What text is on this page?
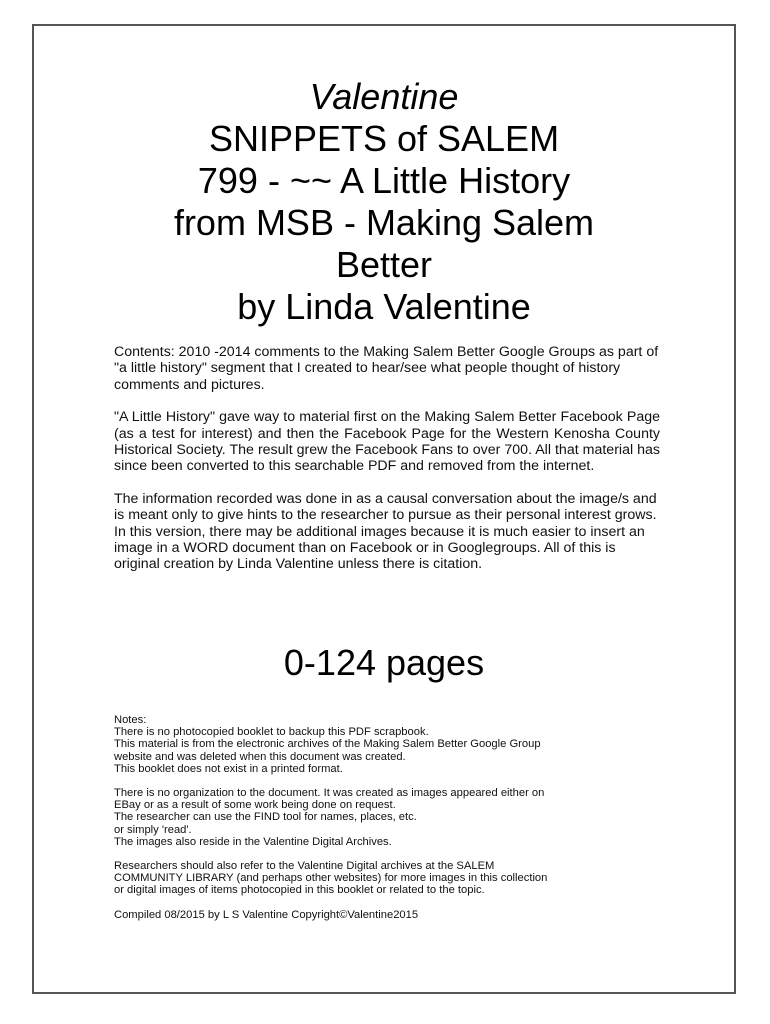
Valentine
SNIPPETS of SALEM
799 - ~~ A Little History
from MSB - Making Salem
Better
by Linda Valentine

Contents: 2010 -2014 comments to the Making Salem Better Google Groups as part of "a little history" segment that I created to hear/see what people thought of history comments and pictures.

"A Little History" gave way to material first on the Making Salem Better Facebook Page (as a test for interest) and then the Facebook Page for the Western Kenosha County Historical Society. The result grew the Facebook Fans to over 700. All that material has since been converted to this searchable PDF and removed from the internet.

The information recorded was done in as a causal conversation about the image/s and is meant only to give hints to the researcher to pursue as their personal interest grows. In this version, there may be additional images because it is much easier to insert an image in a WORD document than on Facebook or in Googlegroups. All of this is original creation by Linda Valentine unless there is citation.

0-124 pages
Notes:
There is no photocopied booklet to backup this PDF scrapbook.
This material is from the electronic archives of the Making Salem Better Google Group
website and was deleted when this document was created.
This booklet does not exist in a printed format.
There is no organization to the document. It was created as images appeared either on
EBay or as a result of some work being done on request.
The researcher can use the FIND tool for names, places, etc.
or simply 'read'.
The images also reside in the Valentine Digital Archives.
Researchers should also refer to the Valentine Digital archives at the SALEM
COMMUNITY LIBRARY (and perhaps other websites) for more images in this collection
or digital images of items photocopied in this booklet or related to the topic.
Compiled 08/2015 by L S Valentine Copyright©Valentine2015
